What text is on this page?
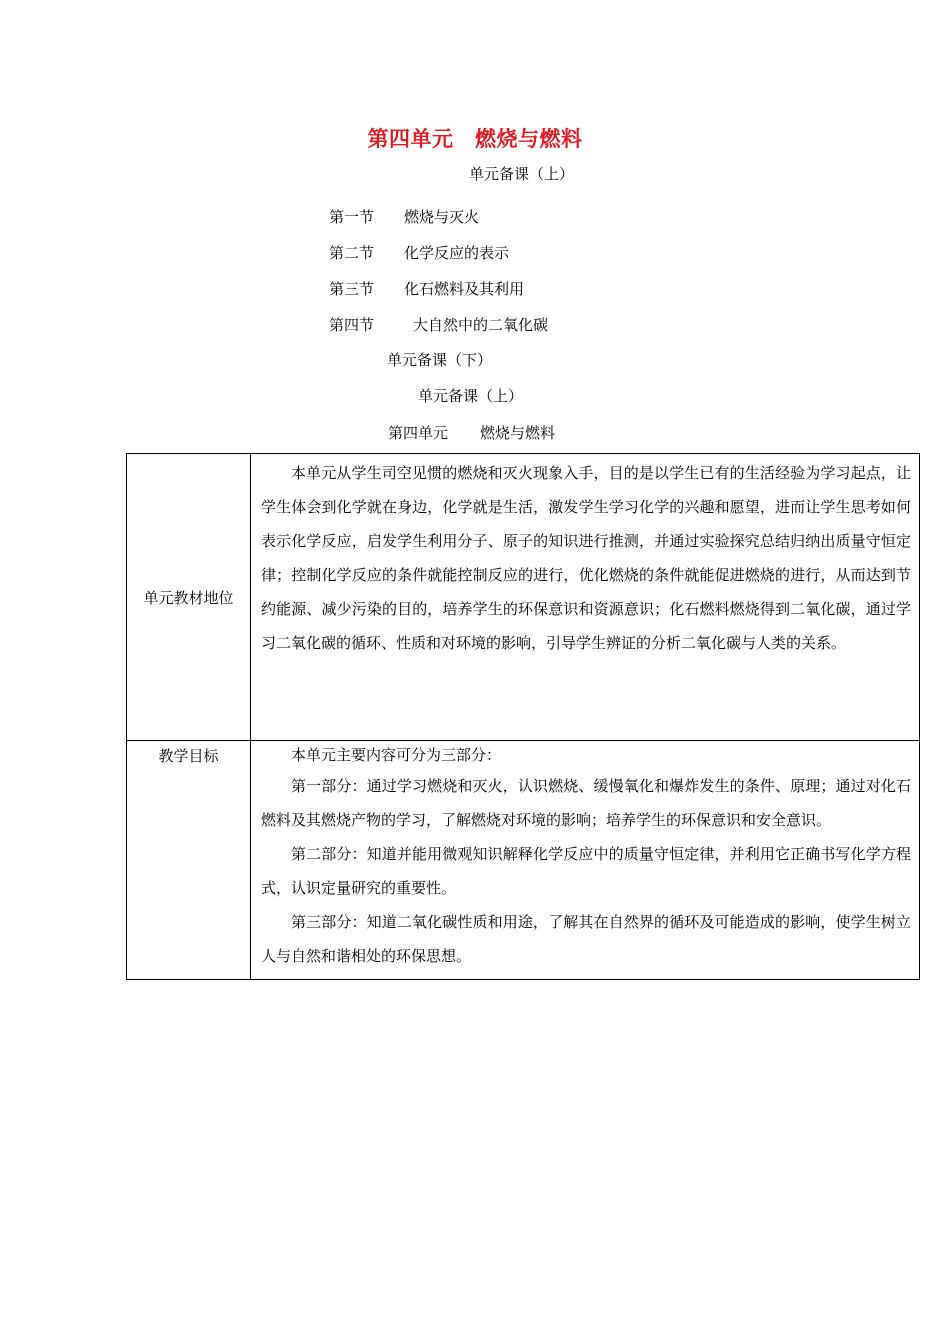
第四单元　燃烧与燃料
单元备课（上）
第一节 燃烧与灭火
第二节 化学反应的表示
第三节 化石燃料及其利用
第四节	大自然中的二氧化碳
单元备课（下）
单元备课（上）
第四单元 燃烧与燃料
单元教材地位	本单元从学生司空见惯的燃烧和灭火现象入手，目的是以学生已有的生活经验为学习起点，让学生体会到化学就在身边，化学就是生活，激发学生学习化学的兴趣和愿望，进而让学生思考如何表示化学反应，启发学生利用分子、原子的知识进行推测，并通过实验探究总结归纳出质量守恒定律；控制化学反应的条件就能控制反应的进行，优化燃烧的条件就能促进燃烧的进行，从而达到节约能源、减少污染的目的，培养学生的环保意识和资源意识；化石燃料燃烧得到二氧化碳，通过学习二氧化碳的循环、性质和对环境的影响，引导学生辨证的分析二氧化碳与人类的关系。

教学目标	本单元主要内容可分为三部分：

第一部分：通过学习燃烧和灭火，认识燃烧、缓慢氧化和爆炸发生的条件、原理；通过对化石燃料及其燃烧产物的学习，了解燃烧对环境的影响；培养学生的环保意识和安全意识。

第二部分：知道并能用微观知识解释化学反应中的质量守恒定律，并利用它正确书写化学方程式，认识定量研究的重要性。

第三部分：知道二氧化碳性质和用途，了解其在自然界的循环及可能造成的影响，使学生树立人与自然和谐相处的环保思想。
